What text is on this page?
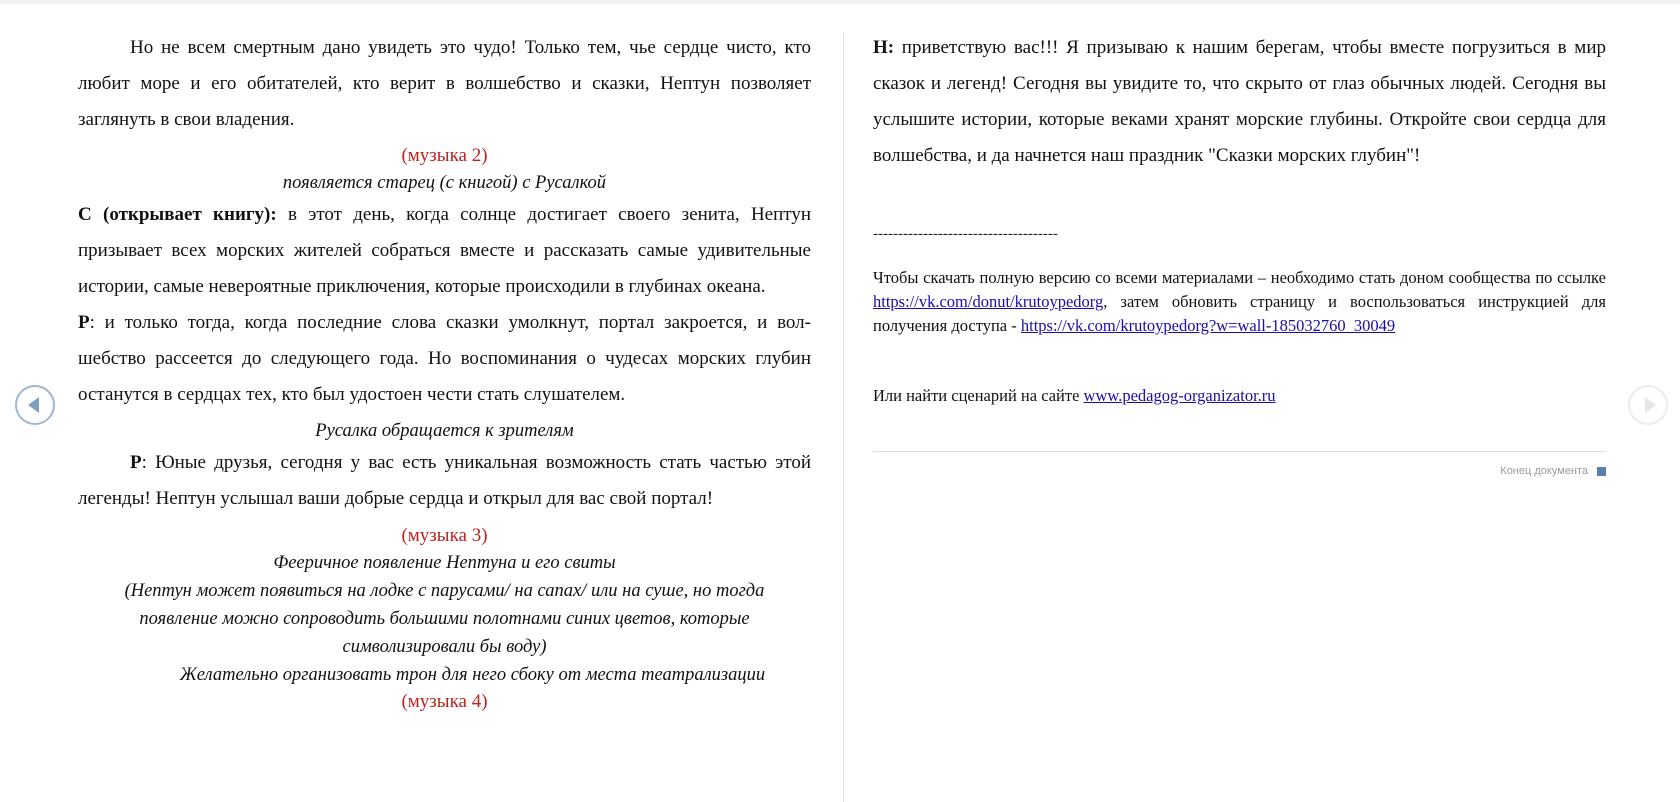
Но не всем смертным дано увидеть это чудо! Только тем, чье сердце чисто, кто любит море и его обитателей, кто верит в волшебство и сказки, Нептун позволяет заглянуть в свои владения.

(музыка 2)

появляется старец (с книгой) с Русалкой

С (открывает книгу): в этот день, когда солнце достигает своего зенита, Нептун призывает всех морских жителей собраться вместе и рассказать самые удивительные истории, самые невероятные приключения, которые происходили в глубинах океана.

Р: и только тогда, когда последние слова сказки умолкнут, портал закроется, и волшебство рассеется до следующего года. Но воспоминания о чудесах морских глубин останутся в сердцах тех, кто был удостоен чести стать слушателем.

Русалка обращается к зрителям

Р: Юные друзья, сегодня у вас есть уникальная возможность стать частью этой легенды! Нептун услышал ваши добрые сердца и открыл для вас свой портал!

(музыка 3)

Фееричное появление Нептуна и его свиты

(Нептун может появиться на лодке с парусами/ на сапах/ или на суше, но тогда появление можно сопроводить большими полотнами синих цветов, которые символизировали бы воду)

Желательно организовать трон для него сбоку от места театрализации

(музыка 4)

Н: приветствую вас!!! Я призываю к нашим берегам, чтобы вместе погрузиться в мир сказок и легенд! Сегодня вы увидите то, что скрыто от глаз обычных людей. Сегодня вы услышите истории, которые веками хранят морские глубины. Откройте свои сердца для волшебства, и да начнется наш праздник "Сказки морских глубин"!

-------------------------------------

Чтобы скачать полную версию со всеми материалами – необходимо стать доном сообщества по ссылке https://vk.com/donut/krutoypedorg, затем обновить страницу и воспользоваться инструкцией для получения доступа - https://vk.com/krutoypedorg?w=wall-185032760_30049

Или найти сценарий на сайте www.pedagog-organizator.ru

Конец документа
